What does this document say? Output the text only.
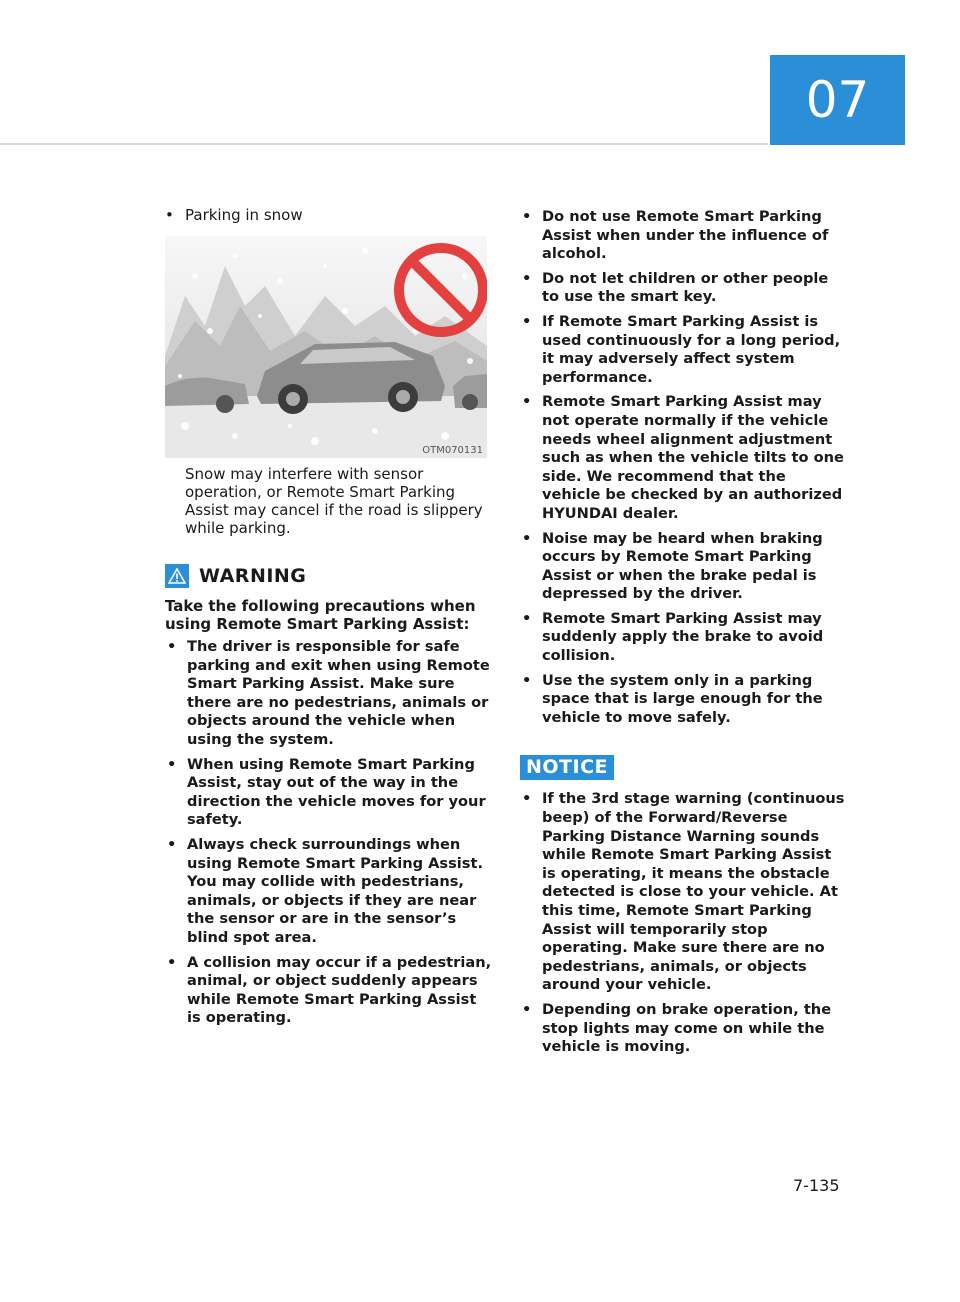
07
• Parking in snow
OTM070131

Snow may interfere with sensor operation, or Remote Smart Parking Assist may cancel if the road is slippery while parking.

WARNING

Take the following precautions when using Remote Smart Parking Assist:

• The driver is responsible for safe parking and exit when using Remote Smart Parking Assist. Make sure there are no pedestrians, animals or objects around the vehicle when using the system.
• When using Remote Smart Parking Assist, stay out of the way in the direction the vehicle moves for your safety.
• Always check surroundings when using Remote Smart Parking Assist. You may collide with pedestrians, animals, or objects if they are near the sensor or are in the sensor’s blind spot area.
• A collision may occur if a pedestrian, animal, or object suddenly appears while Remote Smart Parking Assist is operating.
• Do not use Remote Smart Parking Assist when under the influence of alcohol.
• Do not let children or other people to use the smart key.
• If Remote Smart Parking Assist is used continuously for a long period, it may adversely affect system performance.
• Remote Smart Parking Assist may not operate normally if the vehicle needs wheel alignment adjustment such as when the vehicle tilts to one side. We recommend that the vehicle be checked by an authorized HYUNDAI dealer.
• Noise may be heard when braking occurs by Remote Smart Parking Assist or when the brake pedal is depressed by the driver.
• Remote Smart Parking Assist may suddenly apply the brake to avoid collision.
• Use the system only in a parking space that is large enough for the vehicle to move safely.
NOTICE
• If the 3rd stage warning (continuous beep) of the Forward/Reverse Parking Distance Warning sounds while Remote Smart Parking Assist is operating, it means the obstacle detected is close to your vehicle. At this time, Remote Smart Parking Assist will temporarily stop operating. Make sure there are no pedestrians, animals, or objects around your vehicle.
• Depending on brake operation, the stop lights may come on while the vehicle is moving.
7-135
